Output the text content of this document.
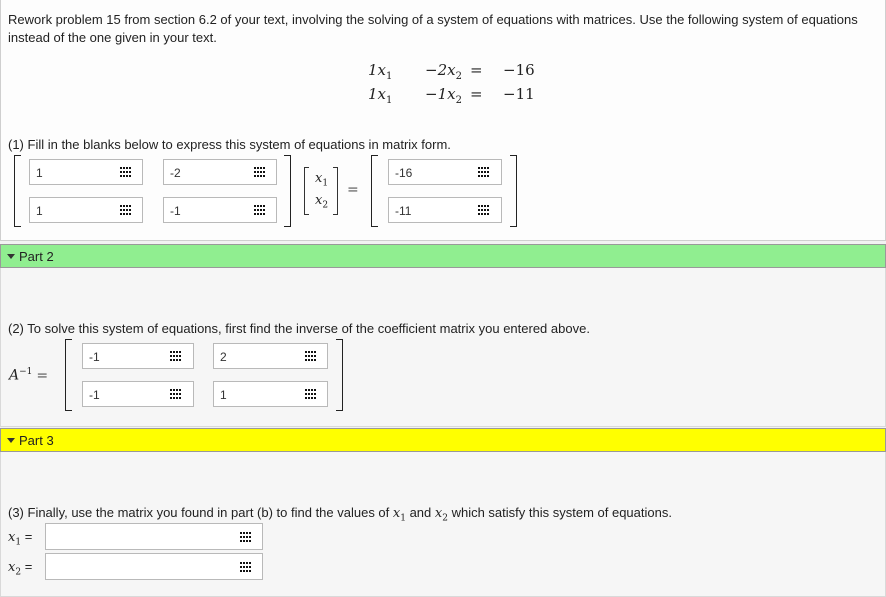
Rework problem 15 from section 6.2 of your text, involving the solving of a system of equations with matrices. Use the following system of equations instead of the one given in your text.
$1x_1 -2x_2 = -16$
$1x_1 -1x_2 = -11$
(1) Fill in the blanks below to express this system of equations in matrix form.
1	-2
1	-1
$x_1$
$x_2$
=
-16
-11
Part 2
(2) To solve this system of equations, first find the inverse of the coefficient matrix you entered above.
$A^{-1}$ =
-1	2
-1	1
Part 3
(3) Finally, use the matrix you found in part (b) to find the values of $x_1$ and $x_2$ which satisfy this system of equations.
$x_1$ =
$x_2$ =
